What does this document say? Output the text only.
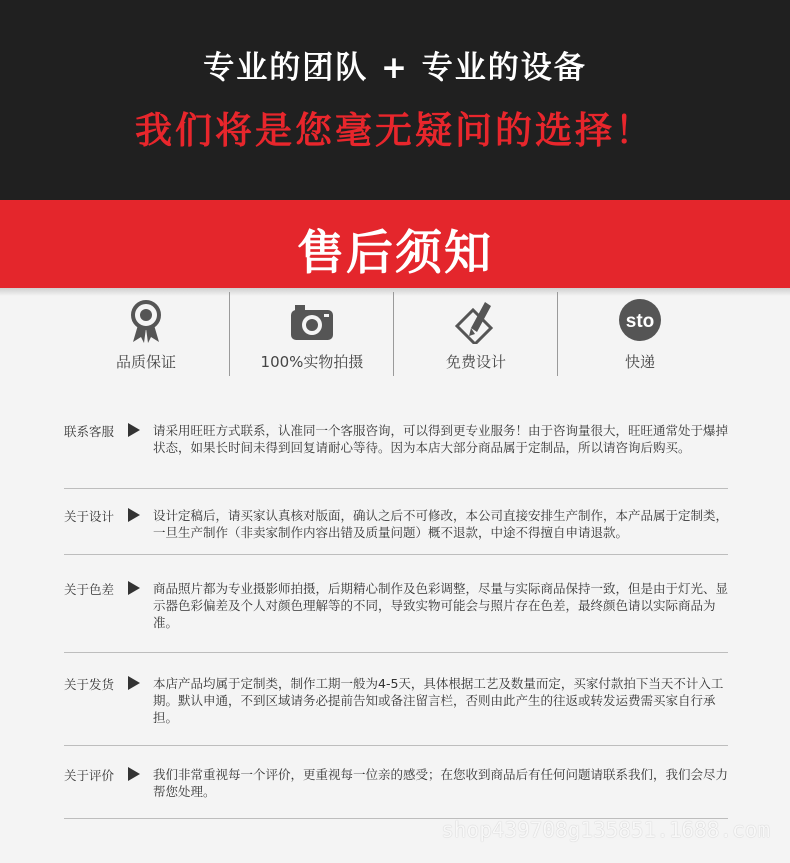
专业的团队 + 专业的设备
我们将是您毫无疑问的选择！
售后须知
品质保证	100%实物拍摄	免费设计
sto
快递
联系客服	请采用旺旺方式联系，认准同一个客服咨询，可以得到更专业服务！由于咨询量很大，旺旺通常处于爆掉状态，如果长时间未得到回复请耐心等待。因为本店大部分商品属于定制品，所以请咨询后购买。
关于设计	设计定稿后，请买家认真核对版面，确认之后不可修改，本公司直接安排生产制作，本产品属于定制类，一旦生产制作（非卖家制作内容出错及质量问题）概不退款，中途不得擅自申请退款。
关于色差	商品照片都为专业摄影师拍摄，后期精心制作及色彩调整，尽量与实际商品保持一致，但是由于灯光、显示器色彩偏差及个人对颜色理解等的不同，导致实物可能会与照片存在色差，最终颜色请以实际商品为准。
关于发货	本店产品均属于定制类，制作工期一般为4-5天，具体根据工艺及数量而定，买家付款拍下当天不计入工期。默认申通，不到区域请务必提前告知或备注留言栏，否则由此产生的往返或转发运费需买家自行承担。
关于评价	我们非常重视每一个评价，更重视每一位亲的感受；在您收到商品后有任何问题请联系我们，我们会尽力帮您处理。
shop439708g135851.1688.com
